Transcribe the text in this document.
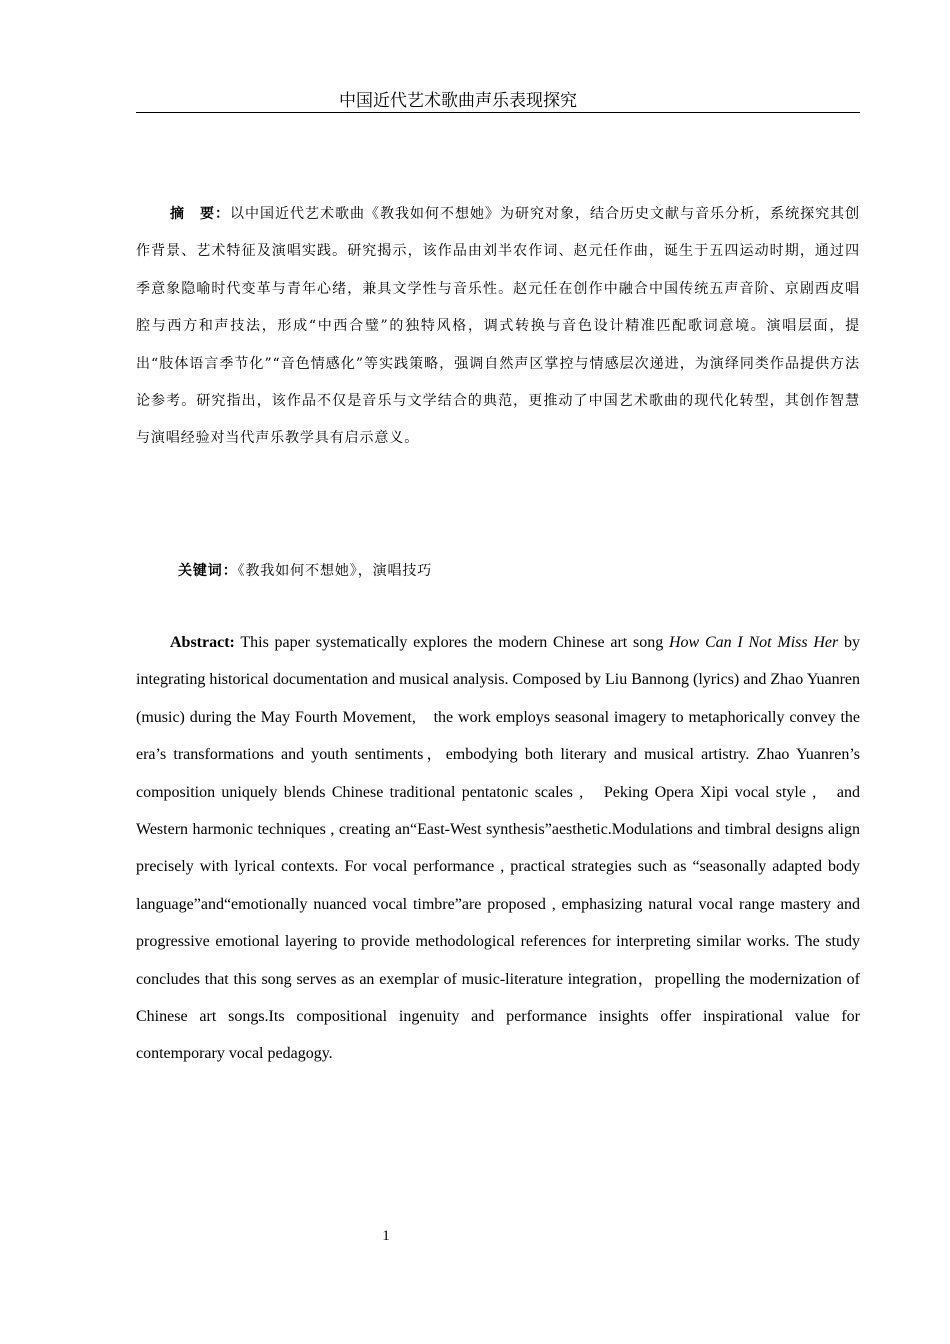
中国近代艺术歌曲声乐表现探究

摘　要：以中国近代艺术歌曲《教我如何不想她》为研究对象，结合历史文献与音乐分析，系统探究其创作背景、艺术特征及演唱实践。研究揭示，该作品由刘半农作词、赵元任作曲，诞生于五四运动时期，通过四季意象隐喻时代变革与青年心绪，兼具文学性与音乐性。赵元任在创作中融合中国传统五声音阶、京剧西皮唱腔与西方和声技法，形成“中西合璧”的独特风格，调式转换与音色设计精准匹配歌词意境。演唱层面，提出“肢体语言季节化”“音色情感化”等实践策略，强调自然声区掌控与情感层次递进，为演绎同类作品提供方法论参考。研究指出，该作品不仅是音乐与文学结合的典范，更推动了中国艺术歌曲的现代化转型，其创作智慧与演唱经验对当代声乐教学具有启示意义。

关键词：《教我如何不想她》，演唱技巧

Abstract: This paper systematically explores the modern Chinese art song How Can I Not Miss Her by integrating historical documentation and musical analysis. Composed by Liu Bannong (lyrics) and Zhao Yuanren (music) during the May Fourth Movement,　the work employs seasonal imagery to metaphorically convey the era’s transformations and youth sentiments，embodying both literary and musical artistry. Zhao Yuanren’s composition uniquely blends Chinese traditional pentatonic scales ,　Peking Opera Xipi vocal style ,　and Western harmonic techniques , creating an“East-West synthesis”aesthetic.Modulations and timbral designs align precisely with lyrical contexts. For vocal performance , practical strategies such as “seasonally adapted body language”and“emotionally nuanced vocal timbre”are proposed , emphasizing natural vocal range mastery and progressive emotional layering to provide methodological references for interpreting similar works. The study concludes that this song serves as an exemplar of music-literature integration，propelling the modernization of Chinese art songs.Its compositional ingenuity and performance insights offer inspirational value for contemporary vocal pedagogy.

1
